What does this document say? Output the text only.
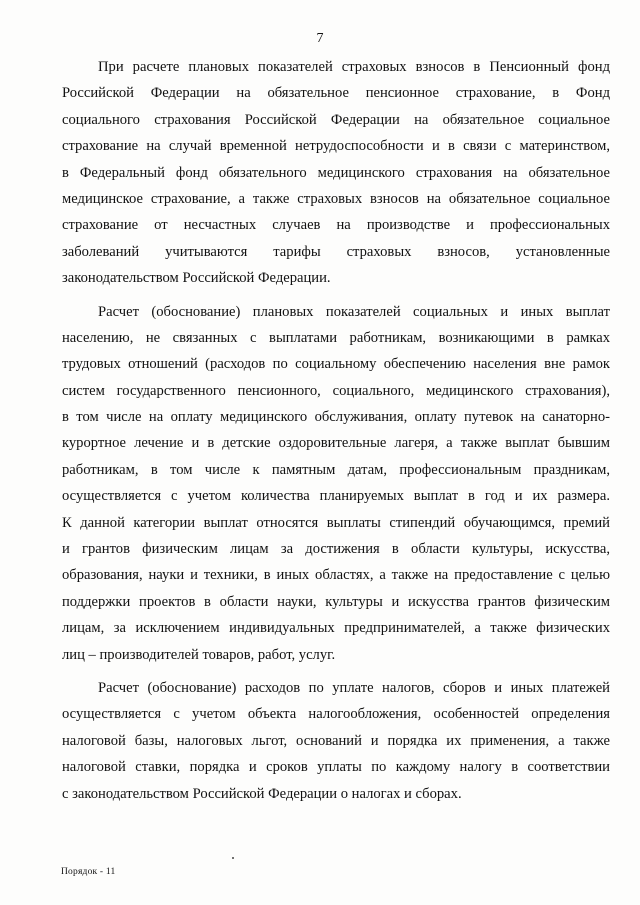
7
При расчете плановых показателей страховых взносов в Пенсионный фонд
Российской Федерации на обязательное пенсионное страхование, в Фонд
социального страхования Российской Федерации на обязательное социальное
страхование на случай временной нетрудоспособности и в связи с материнством,
в Федеральный фонд обязательного медицинского страхования на обязательное
медицинское страхование, а также страховых взносов на обязательное социальное
страхование от несчастных случаев на производстве и профессиональных
заболеваний учитываются тарифы страховых взносов, установленные
законодательством Российской Федерации.
Расчет (обоснование) плановых показателей социальных и иных выплат
населению, не связанных с выплатами работникам, возникающими в рамках
трудовых отношений (расходов по социальному обеспечению населения вне рамок
систем государственного пенсионного, социального, медицинского страхования),
в том числе на оплату медицинского обслуживания, оплату путевок на санаторно-
курортное лечение и в детские оздоровительные лагеря, а также выплат бывшим
работникам, в том числе к памятным датам, профессиональным праздникам,
осуществляется с учетом количества планируемых выплат в год и их размера.
К данной категории выплат относятся выплаты стипендий обучающимся, премий
и грантов физическим лицам за достижения в области культуры, искусства,
образования, науки и техники, в иных областях, а также на предоставление с целью
поддержки проектов в области науки, культуры и искусства грантов физическим
лицам, за исключением индивидуальных предпринимателей, а также физических
лиц – производителей товаров, работ, услуг.
Расчет (обоснование) расходов по уплате налогов, сборов и иных платежей
осуществляется с учетом объекта налогообложения, особенностей определения
налоговой базы, налоговых льгот, оснований и порядка их применения, а также
налоговой ставки, порядка и сроков уплаты по каждому налогу в соответствии
с законодательством Российской Федерации о налогах и сборах.
Порядок - 11
